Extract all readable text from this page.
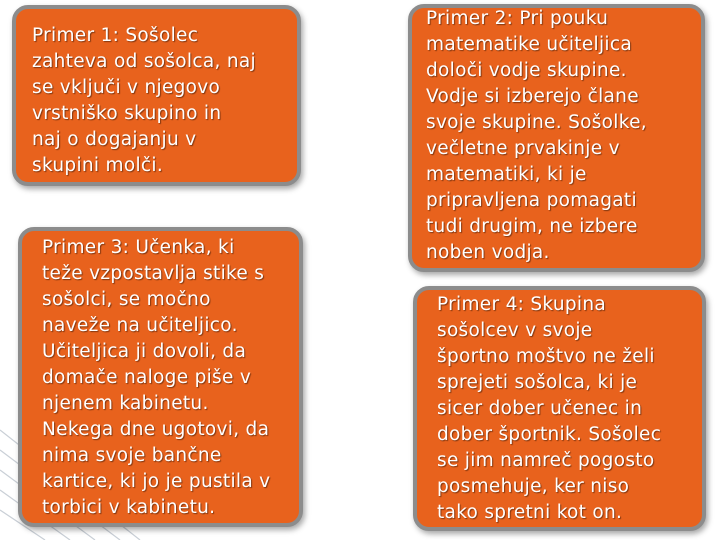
Primer 1: Sošolec
zahteva od sošolca, naj
se vključi v njegovo
vrstniško skupino in
naj o dogajanju v
skupini molči.
Primer 2: Pri pouku
matematike učiteljica
določi vodje skupine.
Vodje si izberejo člane
svoje skupine. Sošolke,
večletne prvakinje v
matematiki, ki je
pripravljena pomagati
tudi drugim, ne izbere
noben vodja.
Primer 3: Učenka, ki
teže vzpostavlja stike s
sošolci, se močno
naveže na učiteljico.
Učiteljica ji dovoli, da
domače naloge piše v
njenem kabinetu.
Nekega dne ugotovi, da
nima svoje bančne
kartice, ki jo je pustila v
torbici v kabinetu.
Primer 4: Skupina
sošolcev v svoje
športno moštvo ne želi
sprejeti sošolca, ki je
sicer dober učenec in
dober športnik. Sošolec
se jim namreč pogosto
posmehuje, ker niso
tako spretni kot on.
